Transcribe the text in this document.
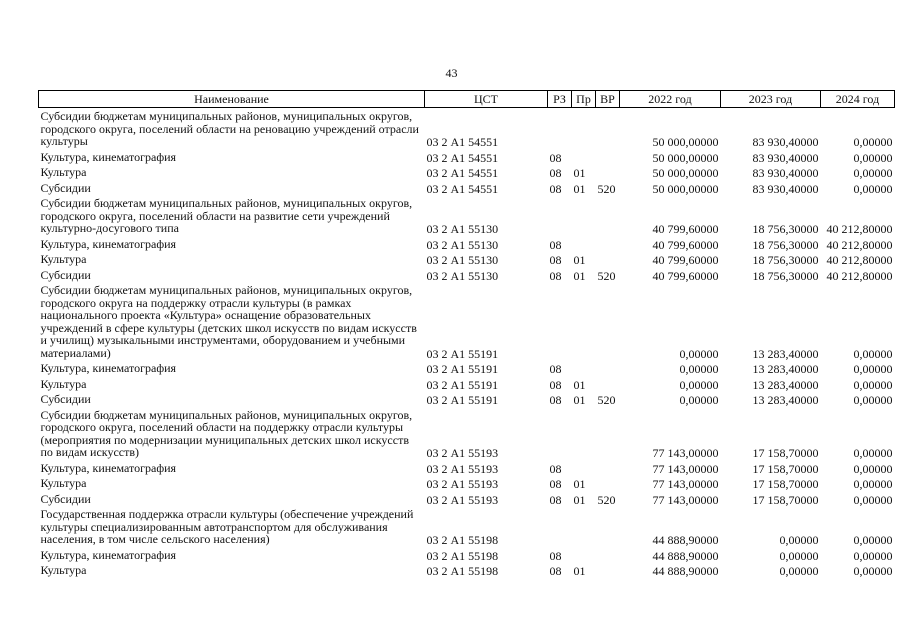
43
Наименование	ЦСТ	РЗ	Пр	ВР	2022 год	2023 год	2024 год
Субсидии бюджетам муниципальных районов, муниципальных округов, городского округа, поселений области на реновацию учреждений отрасли культуры	03 2 А1 54551				50 000,00000	83 930,40000	0,00000
Культура, кинематография	03 2 А1 54551	08			50 000,00000	83 930,40000	0,00000
Культура	03 2 А1 54551	08	01		50 000,00000	83 930,40000	0,00000
Субсидии	03 2 А1 54551	08	01	520	50 000,00000	83 930,40000	0,00000
Субсидии бюджетам муниципальных районов, муниципальных округов, городского округа, поселений области на развитие сети учреждений культурно-досугового типа	03 2 А1 55130				40 799,60000	18 756,30000	40 212,80000
Культура, кинематография	03 2 А1 55130	08			40 799,60000	18 756,30000	40 212,80000
Культура	03 2 А1 55130	08	01		40 799,60000	18 756,30000	40 212,80000
Субсидии	03 2 А1 55130	08	01	520	40 799,60000	18 756,30000	40 212,80000
Субсидии бюджетам муниципальных районов, муниципальных округов, городского округа на поддержку отрасли культуры (в рамках национального проекта «Культура» оснащение образовательных учреждений в сфере культуры (детских школ искусств по видам искусств и училищ) музыкальными инструментами, оборудованием и учебными материалами)	03 2 А1 55191				0,00000	13 283,40000	0,00000
Культура, кинематография	03 2 А1 55191	08			0,00000	13 283,40000	0,00000
Культура	03 2 А1 55191	08	01		0,00000	13 283,40000	0,00000
Субсидии	03 2 А1 55191	08	01	520	0,00000	13 283,40000	0,00000
Субсидии бюджетам муниципальных районов, муниципальных округов, городского округа, поселений области на поддержку отрасли культуры (мероприятия по модернизации муниципальных детских школ искусств по видам искусств)	03 2 А1 55193				77 143,00000	17 158,70000	0,00000
Культура, кинематография	03 2 А1 55193	08			77 143,00000	17 158,70000	0,00000
Культура	03 2 А1 55193	08	01		77 143,00000	17 158,70000	0,00000
Субсидии	03 2 А1 55193	08	01	520	77 143,00000	17 158,70000	0,00000
Государственная поддержка отрасли культуры (обеспечение учреждений культуры специализированным автотранспортом для обслуживания населения, в том числе сельского населения)	03 2 А1 55198				44 888,90000	0,00000	0,00000
Культура, кинематография	03 2 А1 55198	08			44 888,90000	0,00000	0,00000
Культура	03 2 А1 55198	08	01		44 888,90000	0,00000	0,00000
